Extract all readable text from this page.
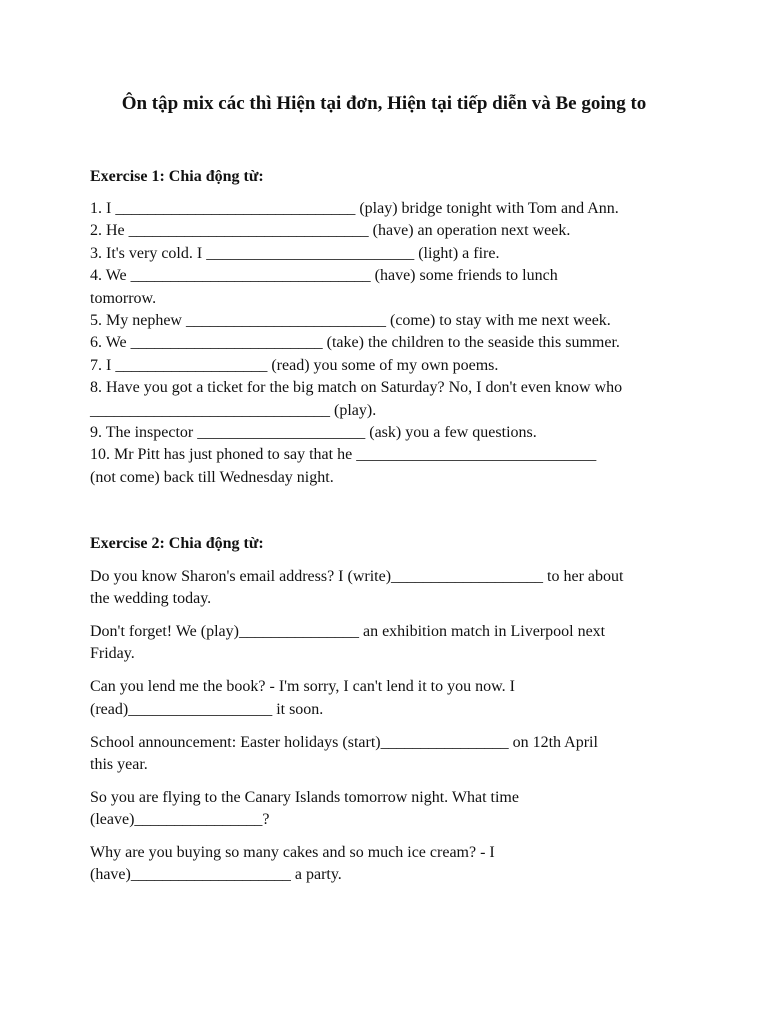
Ôn tập mix các thì Hiện tại đơn, Hiện tại tiếp diễn và Be going to
Exercise 1: Chia động từ:
1. I ______________________________ (play) bridge tonight with Tom and Ann.
2. He ______________________________ (have) an operation next week.
3. It's very cold. I __________________________ (light) a fire.
4. We ______________________________ (have) some friends to lunch
tomorrow.
5. My nephew _________________________ (come) to stay with me next week.
6. We ________________________ (take) the children to the seaside this summer.
7. I ___________________ (read) you some of my own poems.
8. Have you got a ticket for the big match on Saturday? No, I don't even know who
______________________________ (play).
9. The inspector _____________________ (ask) you a few questions.
10. Mr Pitt has just phoned to say that he ______________________________
(not come) back till Wednesday night.
Exercise 2: Chia động từ:
Do you know Sharon's email address? I (write)___________________ to her about
the wedding today.
Don't forget! We (play)_______________ an exhibition match in Liverpool next
Friday.
Can you lend me the book? - I'm sorry, I can't lend it to you now. I
(read)__________________ it soon.
School announcement: Easter holidays (start)________________ on 12th April
this year.
So you are flying to the Canary Islands tomorrow night. What time
(leave)________________?
Why are you buying so many cakes and so much ice cream? - I
(have)____________________ a party.
